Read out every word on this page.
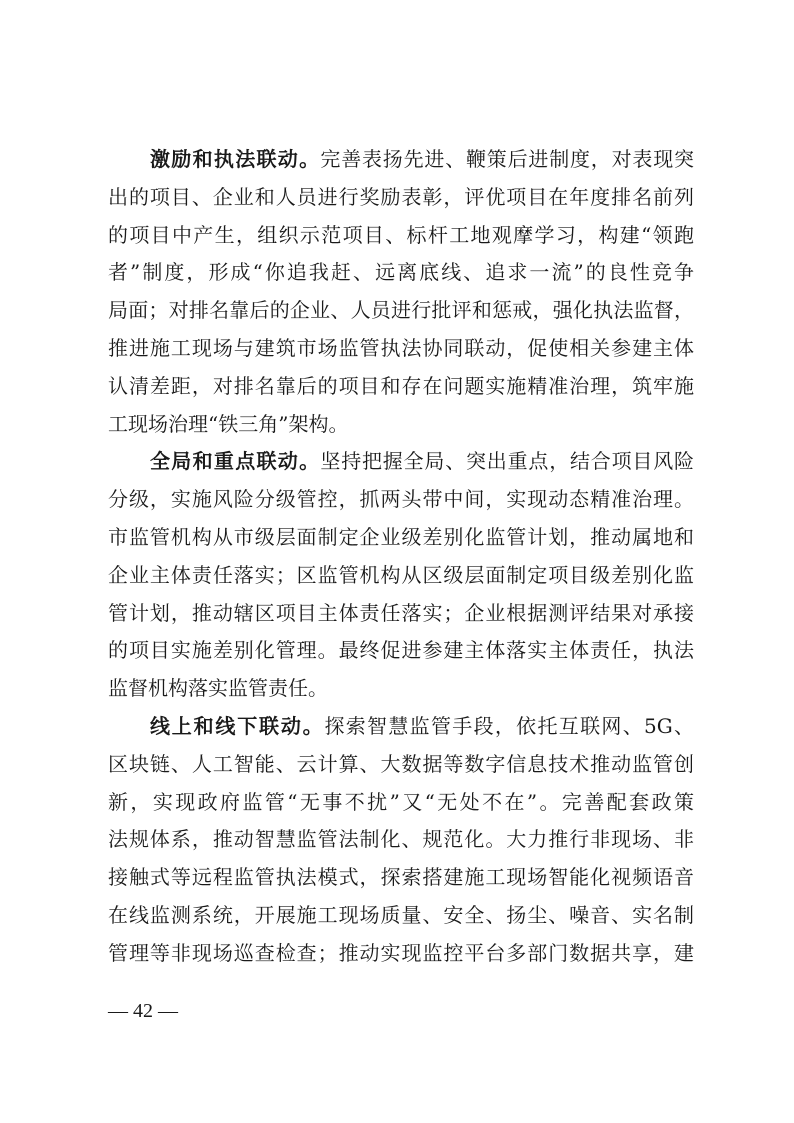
激励和执法联动。完善表扬先进、鞭策后进制度，对表现突
出的项目、企业和人员进行奖励表彰，评优项目在年度排名前列
的项目中产生，组织示范项目、标杆工地观摩学习，构建“领跑
者”制度，形成“你追我赶、远离底线、追求一流”的良性竞争
局面；对排名靠后的企业、人员进行批评和惩戒，强化执法监督，
推进施工现场与建筑市场监管执法协同联动，促使相关参建主体
认清差距，对排名靠后的项目和存在问题实施精准治理，筑牢施
工现场治理“铁三角”架构。
全局和重点联动。坚持把握全局、突出重点，结合项目风险
分级，实施风险分级管控，抓两头带中间，实现动态精准治理。
市监管机构从市级层面制定企业级差别化监管计划，推动属地和
企业主体责任落实；区监管机构从区级层面制定项目级差别化监
管计划，推动辖区项目主体责任落实；企业根据测评结果对承接
的项目实施差别化管理。最终促进参建主体落实主体责任，执法
监督机构落实监管责任。
线上和线下联动。探索智慧监管手段，依托互联网、5G、
区块链、人工智能、云计算、大数据等数字信息技术推动监管创
新，实现政府监管“无事不扰”又“无处不在”。完善配套政策
法规体系，推动智慧监管法制化、规范化。大力推行非现场、非
接触式等远程监管执法模式，探索搭建施工现场智能化视频语音
在线监测系统，开展施工现场质量、安全、扬尘、噪音、实名制
管理等非现场巡查检查；推动实现监控平台多部门数据共享，建
— 42 —
